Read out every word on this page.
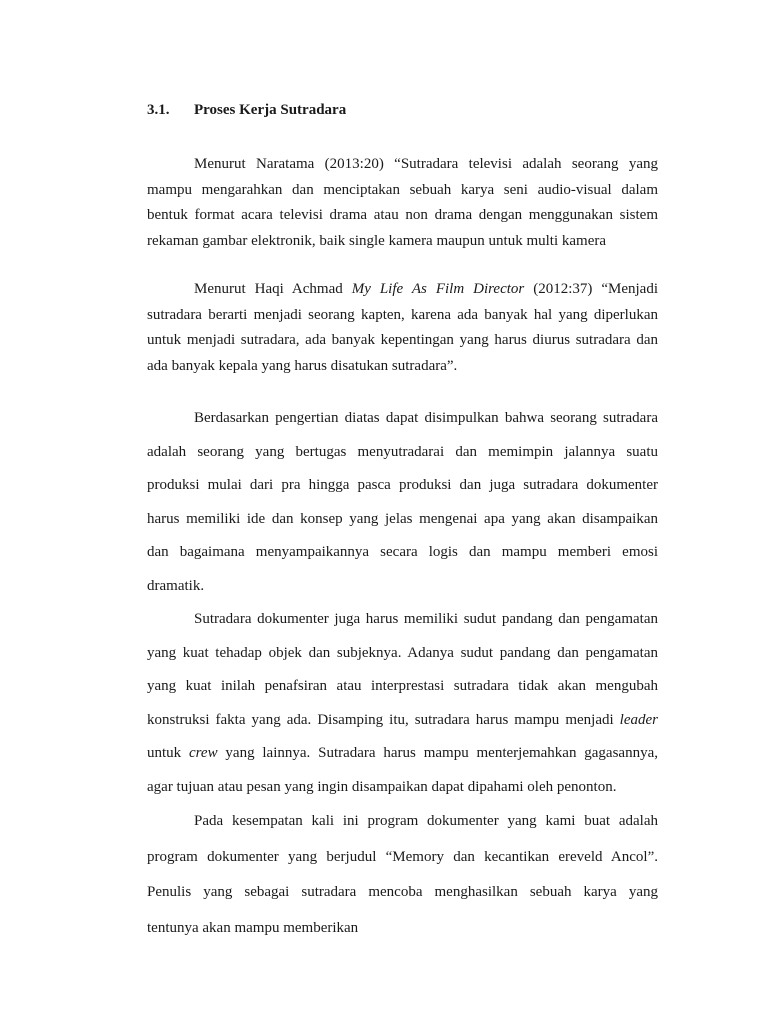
3.1. Proses Kerja Sutradara

Menurut Naratama (2013:20) “Sutradara televisi adalah seorang yang
mampu mengarahkan dan menciptakan sebuah karya seni audio-visual dalam
bentuk format acara televisi drama atau non drama dengan menggunakan sistem
rekaman gambar elektronik, baik single kamera maupun untuk multi kamera

Menurut Haqi Achmad My Life As Film Director (2012:37) “Menjadi
sutradara berarti menjadi seorang kapten, karena ada banyak hal yang diperlukan
untuk menjadi sutradara, ada banyak kepentingan yang harus diurus sutradara dan
ada banyak kepala yang harus disatukan sutradara”.

Berdasarkan pengertian diatas dapat disimpulkan bahwa seorang sutradara
adalah seorang yang bertugas menyutradarai dan memimpin jalannya suatu
produksi mulai dari pra hingga pasca produksi dan juga sutradara dokumenter
harus memiliki ide dan konsep yang jelas mengenai apa yang akan disampaikan
dan bagaimana menyampaikannya secara logis dan mampu memberi emosi
dramatik.

Sutradara dokumenter juga harus memiliki sudut pandang dan pengamatan
yang kuat tehadap objek dan subjeknya. Adanya sudut pandang dan pengamatan
yang kuat inilah penafsiran atau interprestasi sutradara tidak akan mengubah
konstruksi fakta yang ada. Disamping itu, sutradara harus mampu menjadi leader
untuk crew yang lainnya. Sutradara harus mampu menterjemahkan gagasannya,
agar tujuan atau pesan yang ingin disampaikan dapat dipahami oleh penonton.

Pada kesempatan kali ini program dokumenter yang kami buat adalah
program dokumenter yang berjudul “Memory dan kecantikan ereveld Ancol”.
Penulis yang sebagai sutradara mencoba menghasilkan sebuah karya yang
tentunya akan mampu memberikan
